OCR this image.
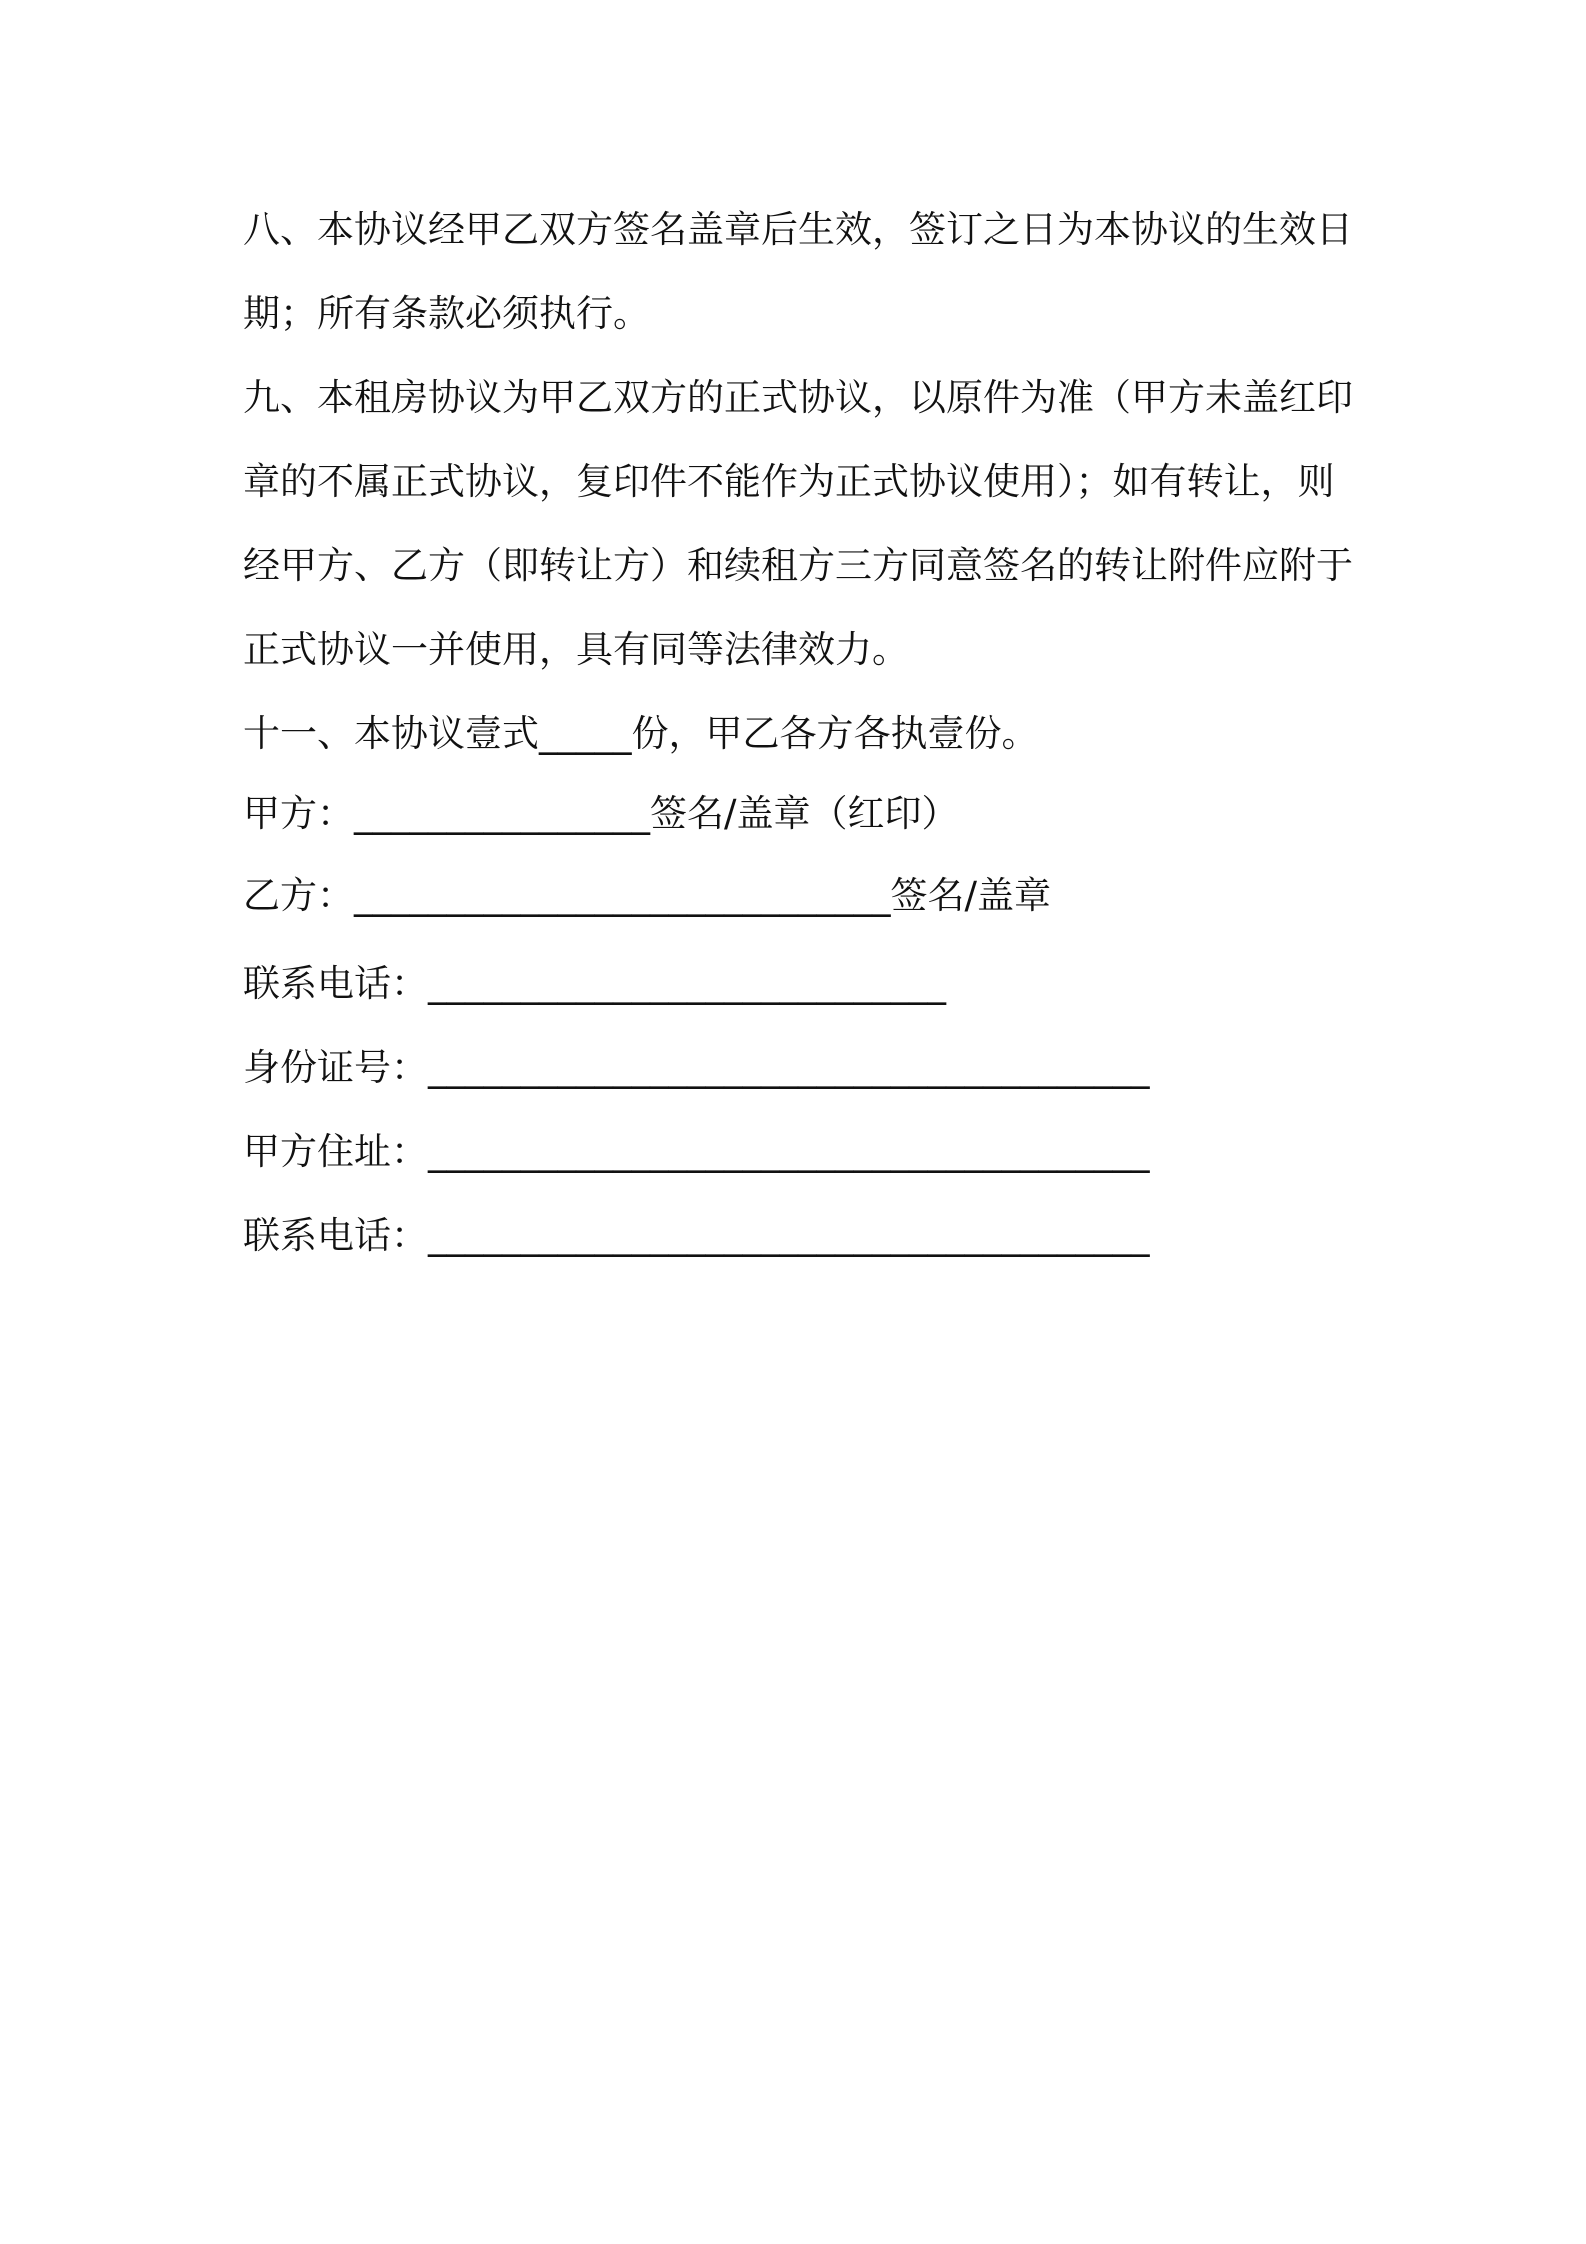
八、本协议经甲乙双方签名盖章后生效，签订之日为本协议的生效日
期；所有条款必须执行。
九、本租房协议为甲乙双方的正式协议，以原件为准（甲方未盖红印
章的不属正式协议，复印件不能作为正式协议使用）；如有转让，则
经甲方、乙方（即转让方）和续租方三方同意签名的转让附件应附于
正式协议一并使用，具有同等法律效力。
十一、本协议壹式_____份，甲乙各方各执壹份。
甲方：________________签名/盖章（红印）
乙方：_____________________________签名/盖章
联系电话：____________________________
身份证号：_______________________________________
甲方住址：_______________________________________
联系电话：_______________________________________
